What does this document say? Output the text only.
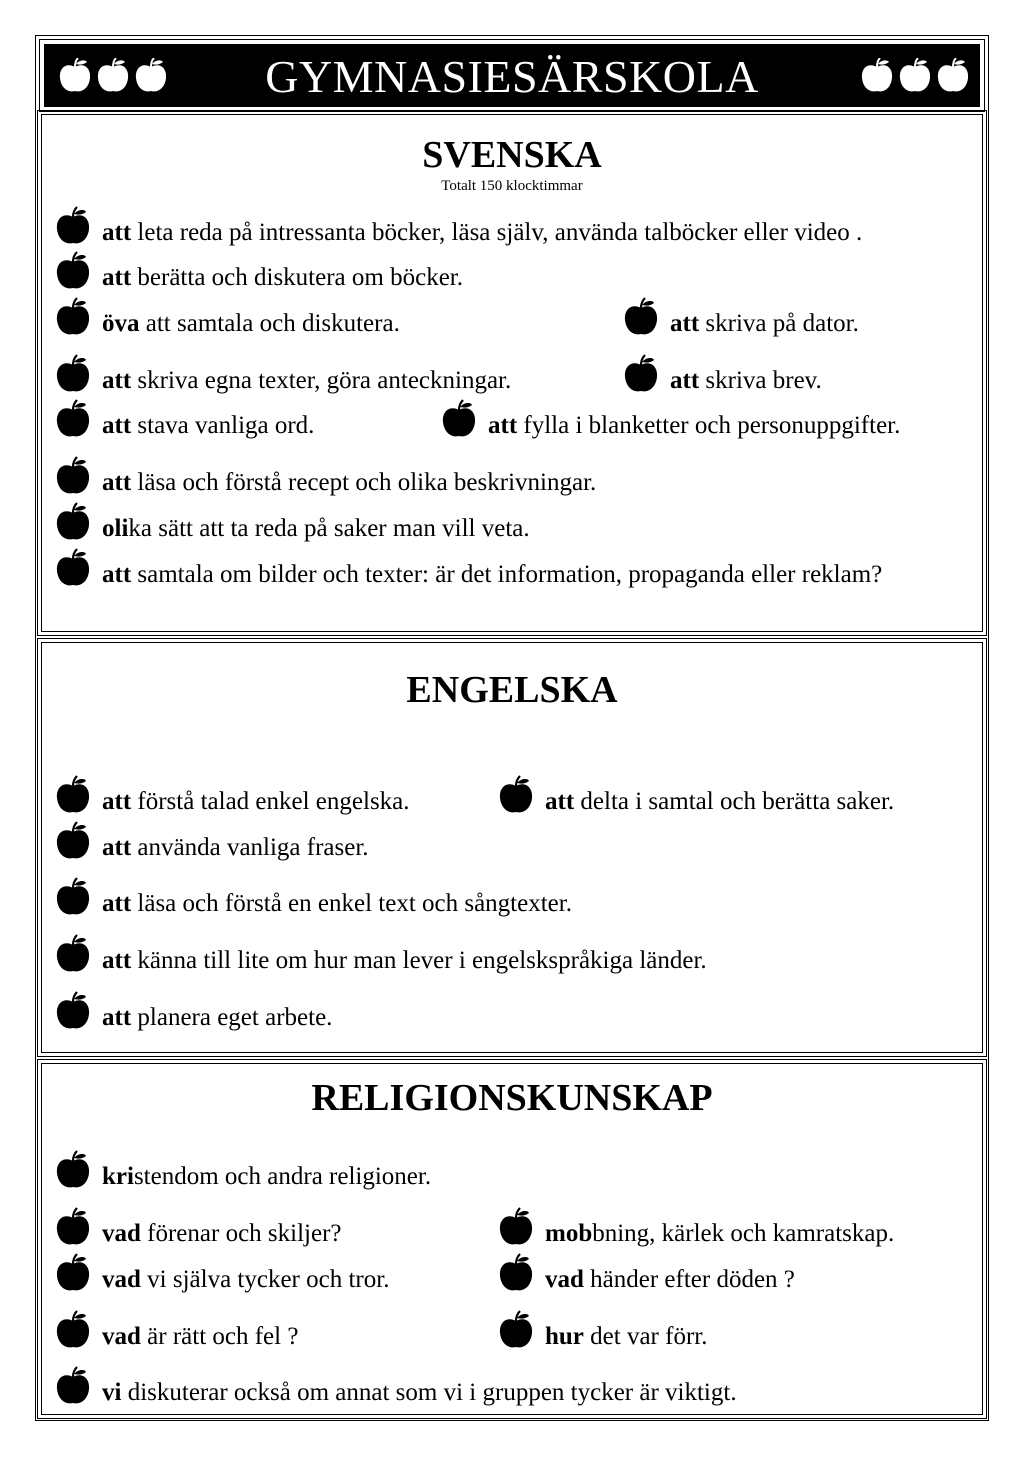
GYMNASIESÄRSKOLA
SVENSKA
Totalt 150 klocktimmar
att leta reda på intressanta böcker, läsa själv, använda talböcker eller video .
att berätta och diskutera om böcker.
öva att samtala och diskutera.	att skriva på dator.
att skriva egna texter, göra anteckningar.	att skriva brev.
att stava vanliga ord.	att fylla i blanketter och personuppgifter.
att läsa och förstå recept och olika beskrivningar.
olika sätt att ta reda på saker man vill veta.
att samtala om bilder och texter: är det information, propaganda eller reklam?
ENGELSKA
att förstå talad enkel engelska.	att delta i samtal och berätta saker.
att använda vanliga fraser.
att läsa och förstå en enkel text och sångtexter.
att känna till lite om hur man lever i engelskspråkiga länder.
att planera eget arbete.
RELIGIONSKUNSKAP
kristendom och andra religioner.
vad förenar och skiljer?	mobbning, kärlek och kamratskap.
vad vi själva tycker och tror.	vad händer efter döden ?
vad är rätt och fel ?	hur det var förr.
vi diskuterar också om annat som vi i gruppen tycker är viktigt.
